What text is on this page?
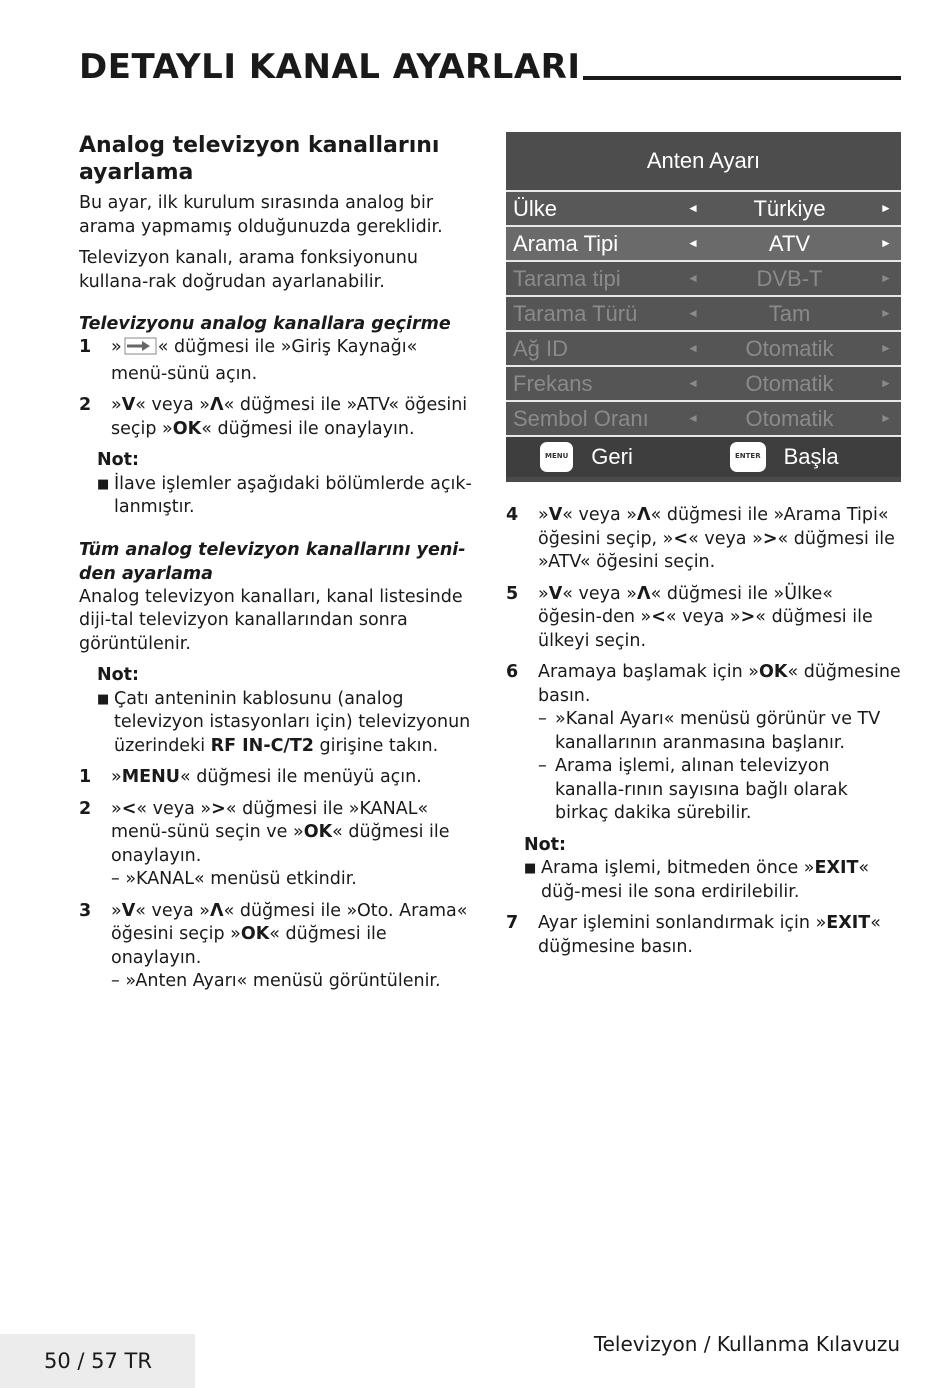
DETAYLI KANAL AYARLARI
Analog televizyon kanallarını ayarlama

Bu ayar, ilk kurulum sırasında analog bir arama yapmamış olduğunuzda gereklidir.

Televizyon kanalı, arama fonksiyonunu kullana-rak doğrudan ayarlanabilir.

Televizyonu analog kanallara geçirme
1	» « düğmesi ile »Giriş Kaynağı« menü-sünü açın.
2	»V« veya »Λ« düğmesi ile »ATV« öğesini seçip »OK« düğmesi ile onaylayın.
Not:
■ İlave işlemler aşağıdaki bölümlerde açık-lanmıştır.
Tüm analog televizyon kanallarını yeni-den ayarlama

Analog televizyon kanalları, kanal listesinde diji-tal televizyon kanallarından sonra görüntülenir.

Not:
■ Çatı anteninin kablosunu (analog televizyon istasyonları için) televizyonun üzerindeki RF IN-C/T2 girişine takın.
1	»MENU« düğmesi ile menüyü açın.
2	»<« veya »>« düğmesi ile »KANAL« menü-sünü seçin ve »OK« düğmesi ile onaylayın.
– »KANAL« menüsü etkindir.
3	»V« veya »Λ« düğmesi ile »Oto. Arama« öğesini seçip »OK« düğmesi ile onaylayın.
– »Anten Ayarı« menüsü görüntülenir.
Anten Ayarı
Ülke	◄	Türkiye	►
Arama Tipi	◄	ATV	►
Tarama tipi	◄	DVB-T	►
Tarama Türü	◄	Tam	►
Ağ ID	◄	Otomatik	►
Frekans	◄	Otomatik	►
Sembol Oranı	◄	Otomatik	►
MENU Geri	ENTER Başla
4	»V« veya »Λ« düğmesi ile »Arama Tipi« öğesini seçip, »<« veya »>« düğmesi ile »ATV« öğesini seçin.
5	»V« veya »Λ« düğmesi ile »Ülke« öğesin-den »<« veya »>« düğmesi ile ülkeyi seçin.
6	Aramaya başlamak için »OK« düğmesine basın.
– »Kanal Ayarı« menüsü görünür ve TV kanallarının aranmasına başlanır.
– Arama işlemi, alınan televizyon kanalla-rının sayısına bağlı olarak birkaç dakika sürebilir.
Not:
■ Arama işlemi, bitmeden önce »EXIT« düğ-mesi ile sona erdirilebilir.
7	Ayar işlemini sonlandırmak için »EXIT« düğmesine basın.
50 / 57 TR
Televizyon / Kullanma Kılavuzu
